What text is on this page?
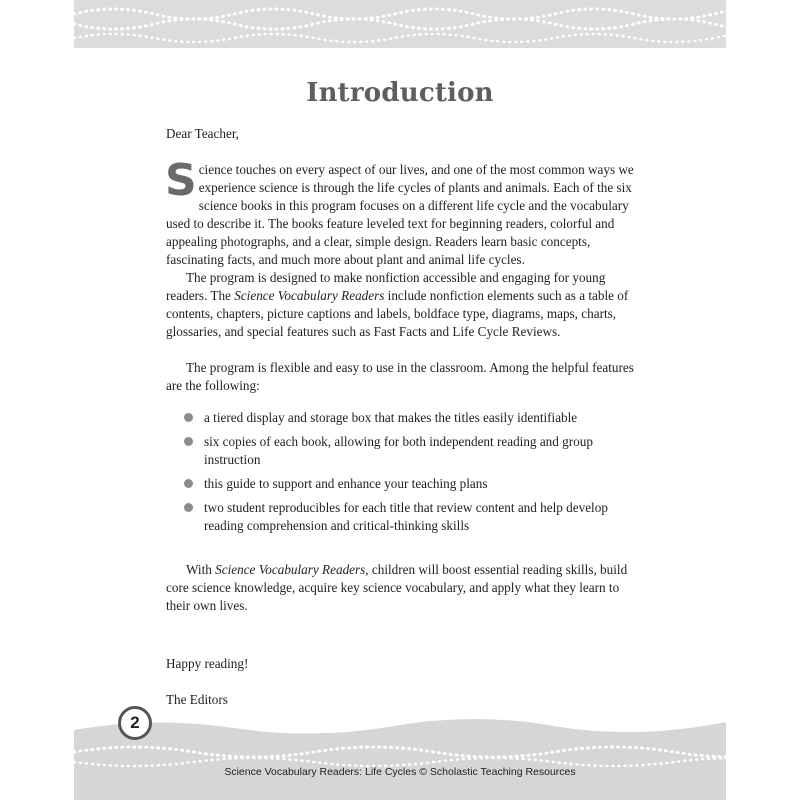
Introduction

Dear Teacher,

Science touches on every aspect of our lives, and one of the most common ways we experience science is through the life cycles of plants and animals. Each of the six science books in this program focuses on a different life cycle and the vocabulary used to describe it. The books feature leveled text for beginning readers, colorful and appealing photographs, and a clear, simple design. Readers learn basic concepts, fascinating facts, and much more about plant and animal life cycles.

The program is designed to make nonfiction accessible and engaging for young readers. The Science Vocabulary Readers include nonfiction elements such as a table of contents, chapters, picture captions and labels, boldface type, diagrams, maps, charts, glossaries, and special features such as Fast Facts and Life Cycle Reviews.

The program is flexible and easy to use in the classroom. Among the helpful features are the following:

a tiered display and storage box that makes the titles easily identifiable
six copies of each book, allowing for both independent reading and group instruction
this guide to support and enhance your teaching plans
two student reproducibles for each title that review content and help develop reading comprehension and critical-thinking skills

With Science Vocabulary Readers, children will boost essential reading skills, build core science knowledge, acquire key science vocabulary, and apply what they learn to their own lives.

Happy reading!

The Editors

2
Science Vocabulary Readers: Life Cycles © Scholastic Teaching Resources
